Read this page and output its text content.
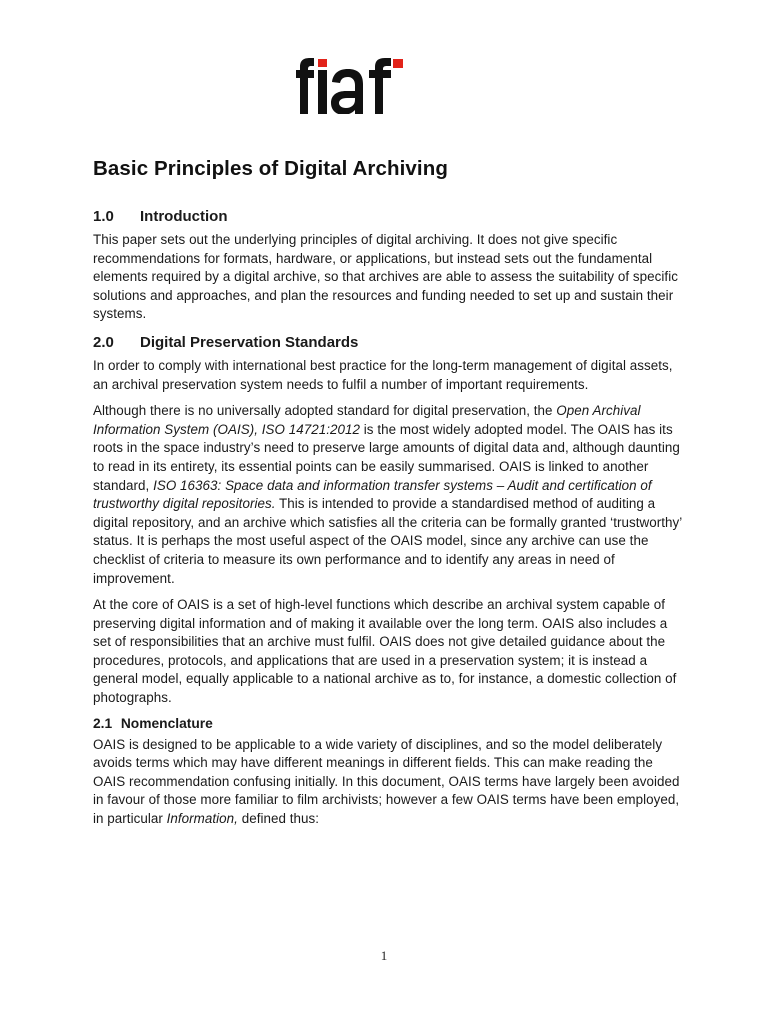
Basic Principles of Digital Archiving
1.0	Introduction

This paper sets out the underlying principles of digital archiving. It does not give specific recommendations for formats, hardware, or applications, but instead sets out the fundamental elements required by a digital archive, so that archives are able to assess the suitability of specific solutions and approaches, and plan the resources and funding needed to set up and sustain their systems.

2.0	Digital Preservation Standards

In order to comply with international best practice for the long-term management of digital assets, an archival preservation system needs to fulfil a number of important requirements.

Although there is no universally adopted standard for digital preservation, the Open Archival Information System (OAIS), ISO 14721:2012 is the most widely adopted model. The OAIS has its roots in the space industry’s need to preserve large amounts of digital data and, although daunting to read in its entirety, its essential points can be easily summarised. OAIS is linked to another standard, ISO 16363: Space data and information transfer systems – Audit and certification of trustworthy digital repositories. This is intended to provide a standardised method of auditing a digital repository, and an archive which satisfies all the criteria can be formally granted ‘trustworthy’ status. It is perhaps the most useful aspect of the OAIS model, since any archive can use the checklist of criteria to measure its own performance and to identify any areas in need of improvement.

At the core of OAIS is a set of high-level functions which describe an archival system capable of preserving digital information and of making it available over the long term. OAIS also includes a set of responsibilities that an archive must fulfil. OAIS does not give detailed guidance about the procedures, protocols, and applications that are used in a preservation system; it is instead a general model, equally applicable to a national archive as to, for instance, a domestic collection of photographs.

2.1 Nomenclature

OAIS is designed to be applicable to a wide variety of disciplines, and so the model deliberately avoids terms which may have different meanings in different fields. This can make reading the OAIS recommendation confusing initially. In this document, OAIS terms have largely been avoided in favour of those more familiar to film archivists; however a few OAIS terms have been employed, in particular Information, defined thus:

1
